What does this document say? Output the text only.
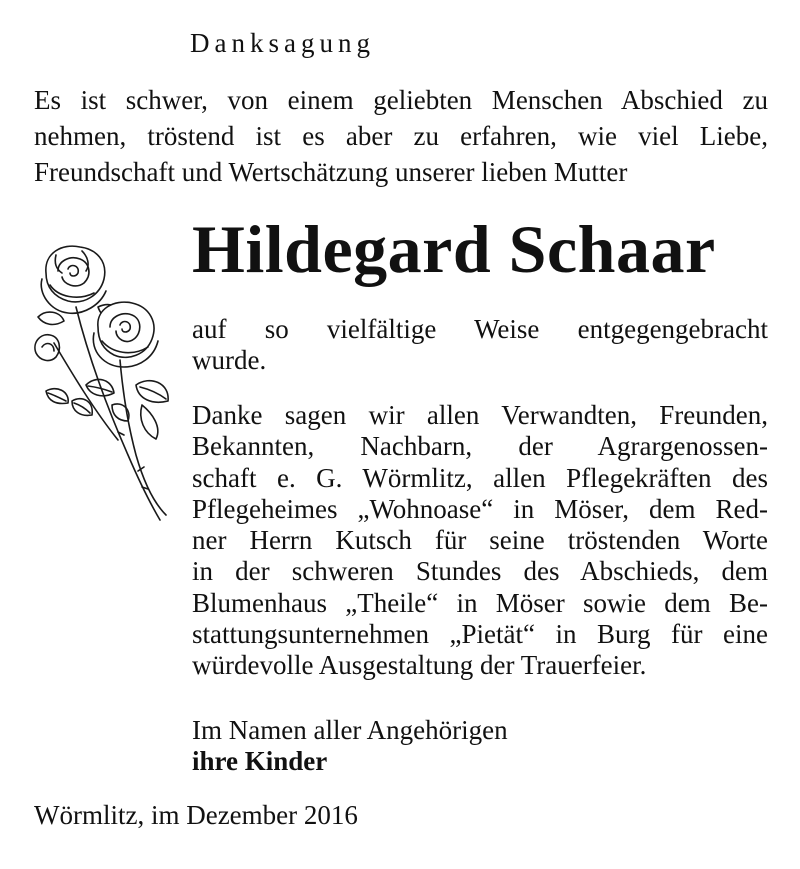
Danksagung
Es ist schwer, von einem geliebten Menschen Abschied zu
nehmen, tröstend ist es aber zu erfahren, wie viel Liebe,
Freundschaft und Wertschätzung unserer lieben Mutter
Hildegard Schaar
auf so vielfältige Weise entgegengebracht
wurde.
Danke sagen wir allen Verwandten, Freunden,
Bekannten, Nachbarn, der Agrargenossen-
schaft e. G. Wörmlitz, allen Pflegekräften des
Pflegeheimes „Wohnoase“ in Möser, dem Red-
ner Herrn Kutsch für seine tröstenden Worte
in der schweren Stundes des Abschieds, dem
Blumenhaus „Theile“ in Möser sowie dem Be-
stattungsunternehmen „Pietät“ in Burg für eine
würdevolle Ausgestaltung der Trauerfeier.
Im Namen aller Angehörigen
ihre Kinder
Wörmlitz, im Dezember 2016
